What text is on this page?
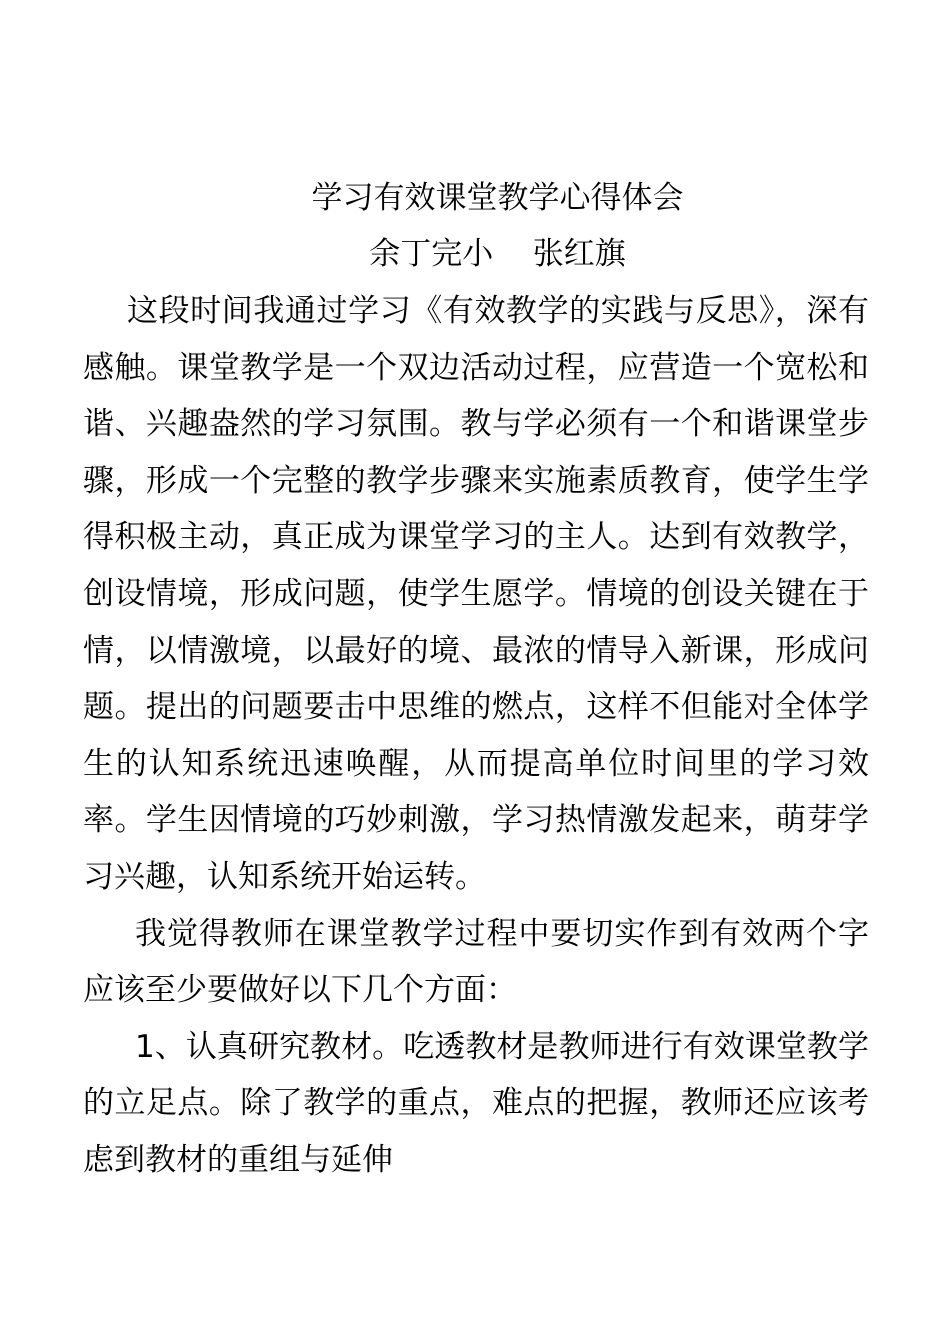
学习有效课堂教学心得体会
余丁完小    张红旗

这段时间我通过学习《有效教学的实践与反思》，深有感触。课堂教学是一个双边活动过程，应营造一个宽松和谐、兴趣盎然的学习氛围。教与学必须有一个和谐课堂步骤，形成一个完整的教学步骤来实施素质教育，使学生学得积极主动，真正成为课堂学习的主人。达到有效教学，创设情境，形成问题，使学生愿学。情境的创设关键在于情，以情激境，以最好的境、最浓的情导入新课，形成问题。提出的问题要击中思维的燃点，这样不但能对全体学生的认知系统迅速唤醒，从而提高单位时间里的学习效率。学生因情境的巧妙刺激，学习热情激发起来，萌芽学习兴趣，认知系统开始运转。

我觉得教师在课堂教学过程中要切实作到有效两个字应该至少要做好以下几个方面：

1、认真研究教材。吃透教材是教师进行有效课堂教学的立足点。除了教学的重点，难点的把握，教师还应该考虑到教材的重组与延伸
